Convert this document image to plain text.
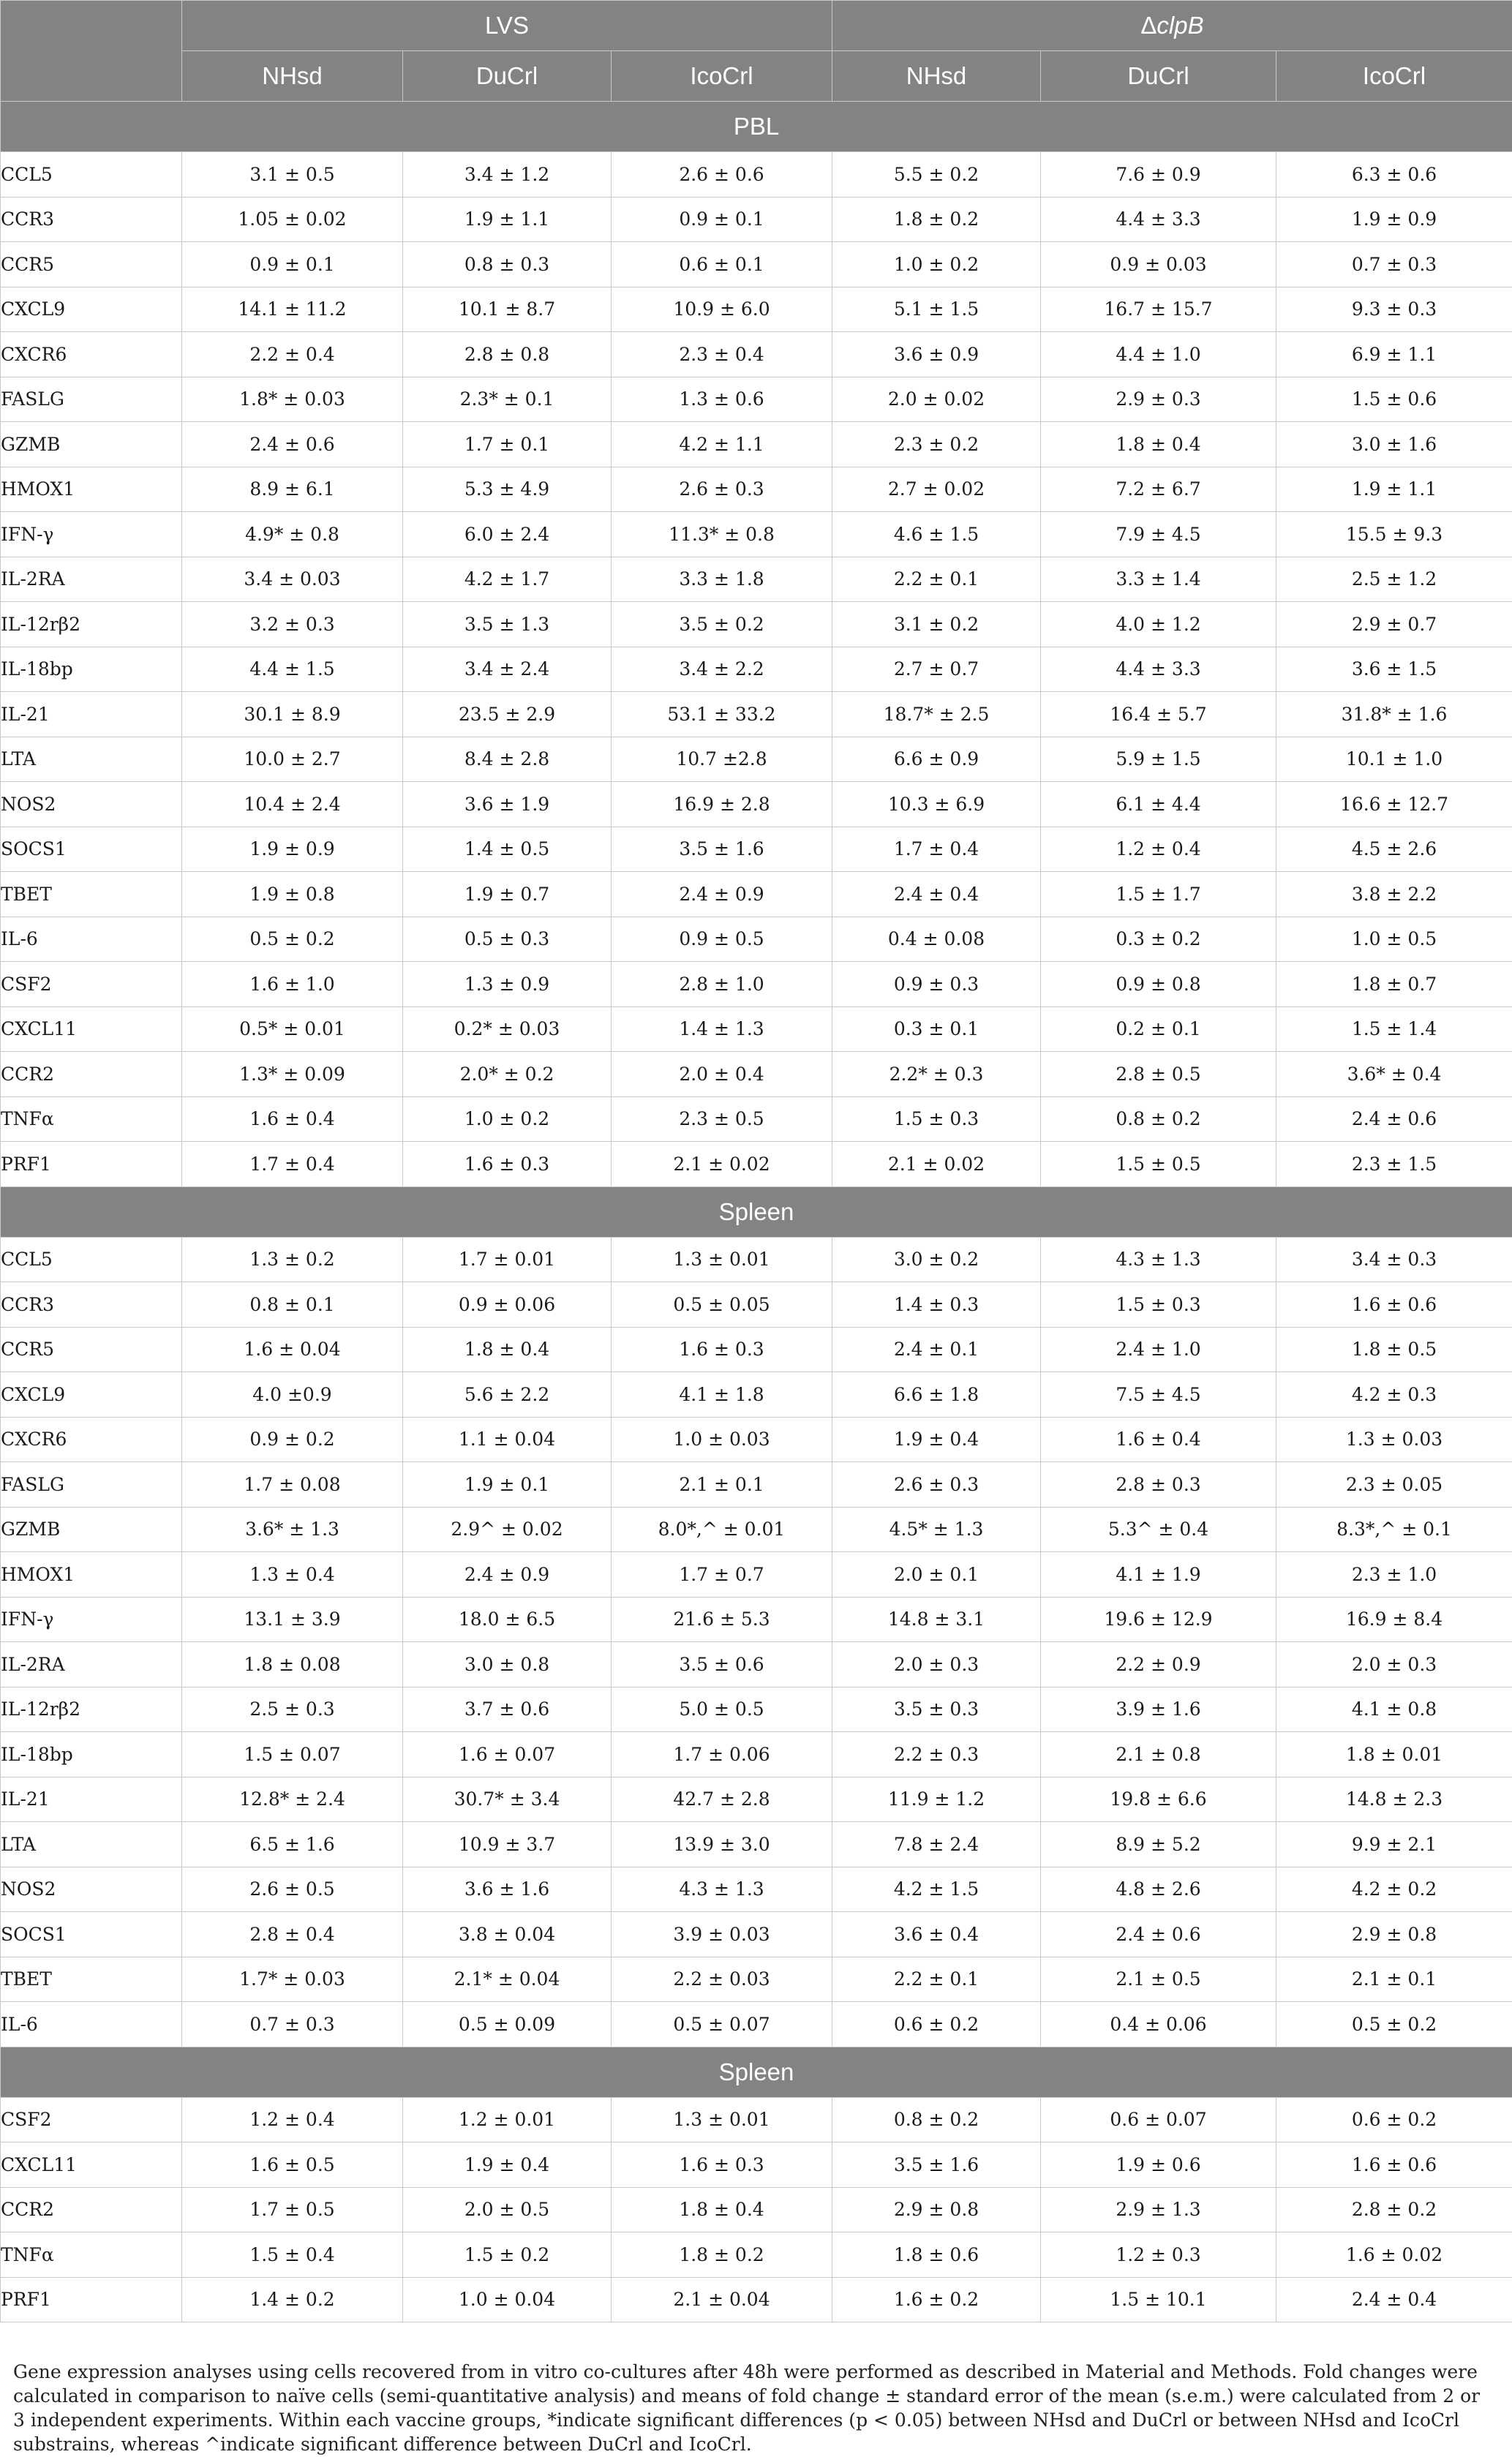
	LVS			ΔclpB		
	NHsd	DuCrl	IcoCrl	NHsd	DuCrl	IcoCrl
PBL						
CCL5	3.1 ± 0.5	3.4 ± 1.2	2.6 ± 0.6	5.5 ± 0.2	7.6 ± 0.9	6.3 ± 0.6
CCR3	1.05 ± 0.02	1.9 ± 1.1	0.9 ± 0.1	1.8 ± 0.2	4.4 ± 3.3	1.9 ± 0.9
CCR5	0.9 ± 0.1	0.8 ± 0.3	0.6 ± 0.1	1.0 ± 0.2	0.9 ± 0.03	0.7 ± 0.3
CXCL9	14.1 ± 11.2	10.1 ± 8.7	10.9 ± 6.0	5.1 ± 1.5	16.7 ± 15.7	9.3 ± 0.3
CXCR6	2.2 ± 0.4	2.8 ± 0.8	2.3 ± 0.4	3.6 ± 0.9	4.4 ± 1.0	6.9 ± 1.1
FASLG	1.8* ± 0.03	2.3* ± 0.1	1.3 ± 0.6	2.0 ± 0.02	2.9 ± 0.3	1.5 ± 0.6
GZMB	2.4 ± 0.6	1.7 ± 0.1	4.2 ± 1.1	2.3 ± 0.2	1.8 ± 0.4	3.0 ± 1.6
HMOX1	8.9 ± 6.1	5.3 ± 4.9	2.6 ± 0.3	2.7 ± 0.02	7.2 ± 6.7	1.9 ± 1.1
IFN-γ	4.9* ± 0.8	6.0 ± 2.4	11.3* ± 0.8	4.6 ± 1.5	7.9 ± 4.5	15.5 ± 9.3
IL-2RA	3.4 ± 0.03	4.2 ± 1.7	3.3 ± 1.8	2.2 ± 0.1	3.3 ± 1.4	2.5 ± 1.2
IL-12rβ2	3.2 ± 0.3	3.5 ± 1.3	3.5 ± 0.2	3.1 ± 0.2	4.0 ± 1.2	2.9 ± 0.7
IL-18bp	4.4 ± 1.5	3.4 ± 2.4	3.4 ± 2.2	2.7 ± 0.7	4.4 ± 3.3	3.6 ± 1.5
IL-21	30.1 ± 8.9	23.5 ± 2.9	53.1 ± 33.2	18.7* ± 2.5	16.4 ± 5.7	31.8* ± 1.6
LTA	10.0 ± 2.7	8.4 ± 2.8	10.7 ±2.8	6.6 ± 0.9	5.9 ± 1.5	10.1 ± 1.0
NOS2	10.4 ± 2.4	3.6 ± 1.9	16.9 ± 2.8	10.3 ± 6.9	6.1 ± 4.4	16.6 ± 12.7
SOCS1	1.9 ± 0.9	1.4 ± 0.5	3.5 ± 1.6	1.7 ± 0.4	1.2 ± 0.4	4.5 ± 2.6
TBET	1.9 ± 0.8	1.9 ± 0.7	2.4 ± 0.9	2.4 ± 0.4	1.5 ± 1.7	3.8 ± 2.2
IL-6	0.5 ± 0.2	0.5 ± 0.3	0.9 ± 0.5	0.4 ± 0.08	0.3 ± 0.2	1.0 ± 0.5
CSF2	1.6 ± 1.0	1.3 ± 0.9	2.8 ± 1.0	0.9 ± 0.3	0.9 ± 0.8	1.8 ± 0.7
CXCL11	0.5* ± 0.01	0.2* ± 0.03	1.4 ± 1.3	0.3 ± 0.1	0.2 ± 0.1	1.5 ± 1.4
CCR2	1.3* ± 0.09	2.0* ± 0.2	2.0 ± 0.4	2.2* ± 0.3	2.8 ± 0.5	3.6* ± 0.4
TNFα	1.6 ± 0.4	1.0 ± 0.2	2.3 ± 0.5	1.5 ± 0.3	0.8 ± 0.2	2.4 ± 0.6
PRF1	1.7 ± 0.4	1.6 ± 0.3	2.1 ± 0.02	2.1 ± 0.02	1.5 ± 0.5	2.3 ± 1.5
Spleen						
CCL5	1.3 ± 0.2	1.7 ± 0.01	1.3 ± 0.01	3.0 ± 0.2	4.3 ± 1.3	3.4 ± 0.3
CCR3	0.8 ± 0.1	0.9 ± 0.06	0.5 ± 0.05	1.4 ± 0.3	1.5 ± 0.3	1.6 ± 0.6
CCR5	1.6 ± 0.04	1.8 ± 0.4	1.6 ± 0.3	2.4 ± 0.1	2.4 ± 1.0	1.8 ± 0.5
CXCL9	4.0 ±0.9	5.6 ± 2.2	4.1 ± 1.8	6.6 ± 1.8	7.5 ± 4.5	4.2 ± 0.3
CXCR6	0.9 ± 0.2	1.1 ± 0.04	1.0 ± 0.03	1.9 ± 0.4	1.6 ± 0.4	1.3 ± 0.03
FASLG	1.7 ± 0.08	1.9 ± 0.1	2.1 ± 0.1	2.6 ± 0.3	2.8 ± 0.3	2.3 ± 0.05
GZMB	3.6* ± 1.3	2.9^ ± 0.02	8.0*,^ ± 0.01	4.5* ± 1.3	5.3^ ± 0.4	8.3*,^ ± 0.1
HMOX1	1.3 ± 0.4	2.4 ± 0.9	1.7 ± 0.7	2.0 ± 0.1	4.1 ± 1.9	2.3 ± 1.0
IFN-γ	13.1 ± 3.9	18.0 ± 6.5	21.6 ± 5.3	14.8 ± 3.1	19.6 ± 12.9	16.9 ± 8.4
IL-2RA	1.8 ± 0.08	3.0 ± 0.8	3.5 ± 0.6	2.0 ± 0.3	2.2 ± 0.9	2.0 ± 0.3
IL-12rβ2	2.5 ± 0.3	3.7 ± 0.6	5.0 ± 0.5	3.5 ± 0.3	3.9 ± 1.6	4.1 ± 0.8
IL-18bp	1.5 ± 0.07	1.6 ± 0.07	1.7 ± 0.06	2.2 ± 0.3	2.1 ± 0.8	1.8 ± 0.01
IL-21	12.8* ± 2.4	30.7* ± 3.4	42.7 ± 2.8	11.9 ± 1.2	19.8 ± 6.6	14.8 ± 2.3
LTA	6.5 ± 1.6	10.9 ± 3.7	13.9 ± 3.0	7.8 ± 2.4	8.9 ± 5.2	9.9 ± 2.1
NOS2	2.6 ± 0.5	3.6 ± 1.6	4.3 ± 1.3	4.2 ± 1.5	4.8 ± 2.6	4.2 ± 0.2
SOCS1	2.8 ± 0.4	3.8 ± 0.04	3.9 ± 0.03	3.6 ± 0.4	2.4 ± 0.6	2.9 ± 0.8
TBET	1.7* ± 0.03	2.1* ± 0.04	2.2 ± 0.03	2.2 ± 0.1	2.1 ± 0.5	2.1 ± 0.1
IL-6	0.7 ± 0.3	0.5 ± 0.09	0.5 ± 0.07	0.6 ± 0.2	0.4 ± 0.06	0.5 ± 0.2
Spleen						
CSF2	1.2 ± 0.4	1.2 ± 0.01	1.3 ± 0.01	0.8 ± 0.2	0.6 ± 0.07	0.6 ± 0.2
CXCL11	1.6 ± 0.5	1.9 ± 0.4	1.6 ± 0.3	3.5 ± 1.6	1.9 ± 0.6	1.6 ± 0.6
CCR2	1.7 ± 0.5	2.0 ± 0.5	1.8 ± 0.4	2.9 ± 0.8	2.9 ± 1.3	2.8 ± 0.2
TNFα	1.5 ± 0.4	1.5 ± 0.2	1.8 ± 0.2	1.8 ± 0.6	1.2 ± 0.3	1.6 ± 0.02
PRF1	1.4 ± 0.2	1.0 ± 0.04	2.1 ± 0.04	1.6 ± 0.2	1.5 ± 10.1	2.4 ± 0.4
Gene expression analyses using cells recovered from in vitro co-cultures after 48h were performed as described in Material and Methods. Fold changes were calculated in comparison to naïve cells (semi-quantitative analysis) and means of fold change ± standard error of the mean (s.e.m.) were calculated from 2 or 3 independent experiments. Within each vaccine groups, *indicate significant differences (p < 0.05) between NHsd and DuCrl or between NHsd and IcoCrl substrains, whereas ^indicate significant difference between DuCrl and IcoCrl.
